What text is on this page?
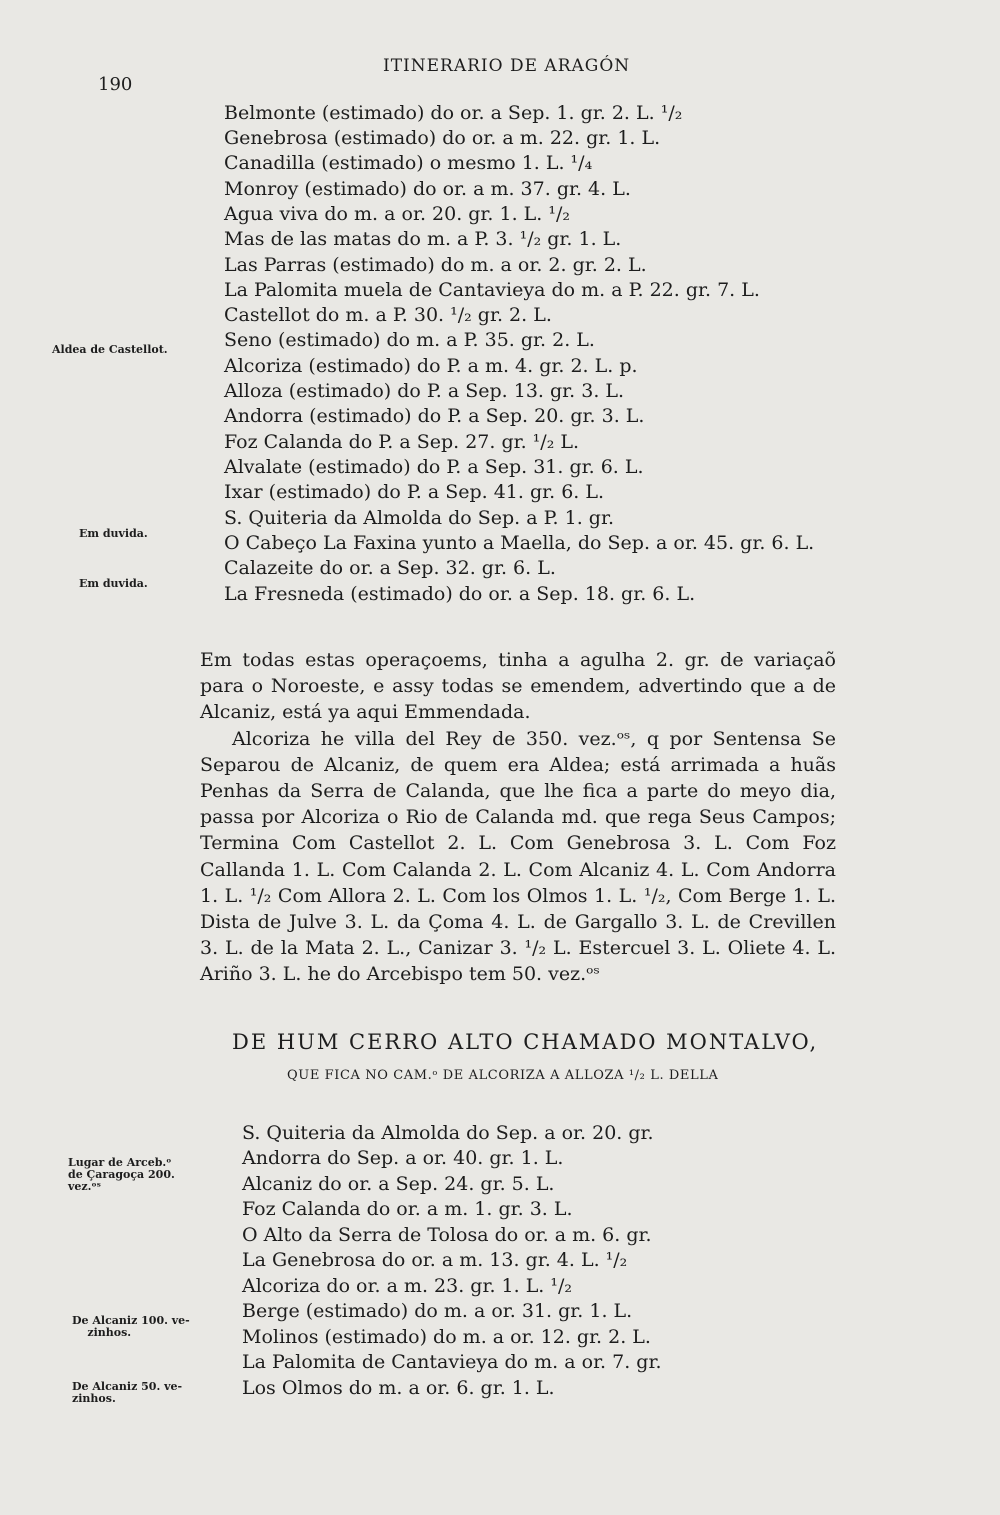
190
ITINERARIO DE ARAGÓN
Belmonte (estimado) do or. a Sep. 1. gr. 2. L. ¹/₂
Genebrosa (estimado) do or. a m. 22. gr. 1. L.
Canadilla (estimado) o mesmo 1. L. ¹/₄
Monroy (estimado) do or. a m. 37. gr. 4. L.
Agua viva do m. a or. 20. gr. 1. L. ¹/₂
Mas de las matas do m. a P. 3. ¹/₂ gr. 1. L.
Las Parras (estimado) do m. a or. 2. gr. 2. L.
La Palomita muela de Cantavieya do m. a P. 22. gr. 7. L.
Castellot do m. a P. 30. ¹/₂ gr. 2. L.
Seno (estimado) do m. a P. 35. gr. 2. L.
Alcoriza (estimado) do P. a m. 4. gr. 2. L. p.
Alloza (estimado) do P. a Sep. 13. gr. 3. L.
Andorra (estimado) do P. a Sep. 20. gr. 3. L.
Foz Calanda do P. a Sep. 27. gr. ¹/₂ L.
Alvalate (estimado) do P. a Sep. 31. gr. 6. L.
Ixar (estimado) do P. a Sep. 41. gr. 6. L.
S. Quiteria da Almolda do Sep. a P. 1. gr.
O Cabeço La Faxina yunto a Maella, do Sep. a or. 45. gr. 6. L.
Calazeite do or. a Sep. 32. gr. 6. L.
La Fresneda (estimado) do or. a Sep. 18. gr. 6. L.
Aldea de Castellot.
Em duvida.
Em duvida.

Em todas estas operaçoems, tinha a agulha 2. gr. de variaçaõ para o Noroeste, e assy todas se emendem, advertindo que a de Alcaniz, está ya aqui Emmendada.

Alcoriza he villa del Rey de 350. vez.ᵒˢ, q por Sentensa Se Separou de Alcaniz, de quem era Aldea; está arrimada a huãs Penhas da Serra de Calanda, que lhe fica a parte do meyo dia, passa por Alcoriza o Rio de Calanda md. que rega Seus Campos; Termina Com Castellot 2. L. Com Genebrosa 3. L. Com Foz Callanda 1. L. Com Calanda 2. L. Com Alcaniz 4. L. Com Andorra 1. L. ¹/₂ Com Allora 2. L. Com los Olmos 1. L. ¹/₂, Com Berge 1. L. Dista de Julve 3. L. da Çoma 4. L. de Gargallo 3. L. de Crevillen 3. L. de la Mata 2. L., Canizar 3. ¹/₂ L. Estercuel 3. L. Oliete 4. L. Ariño 3. L. he do Arcebispo tem 50. vez.ᵒˢ

DE HUM CERRO ALTO CHAMADO MONTALVO,
QUE FICA NO CAM.ᵒ DE ALCORIZA A ALLOZA ¹/₂ L. DELLA
S. Quiteria da Almolda do Sep. a or. 20. gr.
Andorra do Sep. a or. 40. gr. 1. L.
Alcaniz do or. a Sep. 24. gr. 5. L.
Foz Calanda do or. a m. 1. gr. 3. L.
O Alto da Serra de Tolosa do or. a m. 6. gr.
La Genebrosa do or. a m. 13. gr. 4. L. ¹/₂
Alcoriza do or. a m. 23. gr. 1. L. ¹/₂
Berge (estimado) do m. a or. 31. gr. 1. L.
Molinos (estimado) do m. a or. 12. gr. 2. L.
La Palomita de Cantavieya do m. a or. 7. gr.
Los Olmos do m. a or. 6. gr. 1. L.
Lugar de Arceb.ᵒ
de Çaragoça 200.
vez.ᵒˢ
De Alcaniz 100. ve-
zinhos.
De Alcaniz 50. ve-
zinhos.
